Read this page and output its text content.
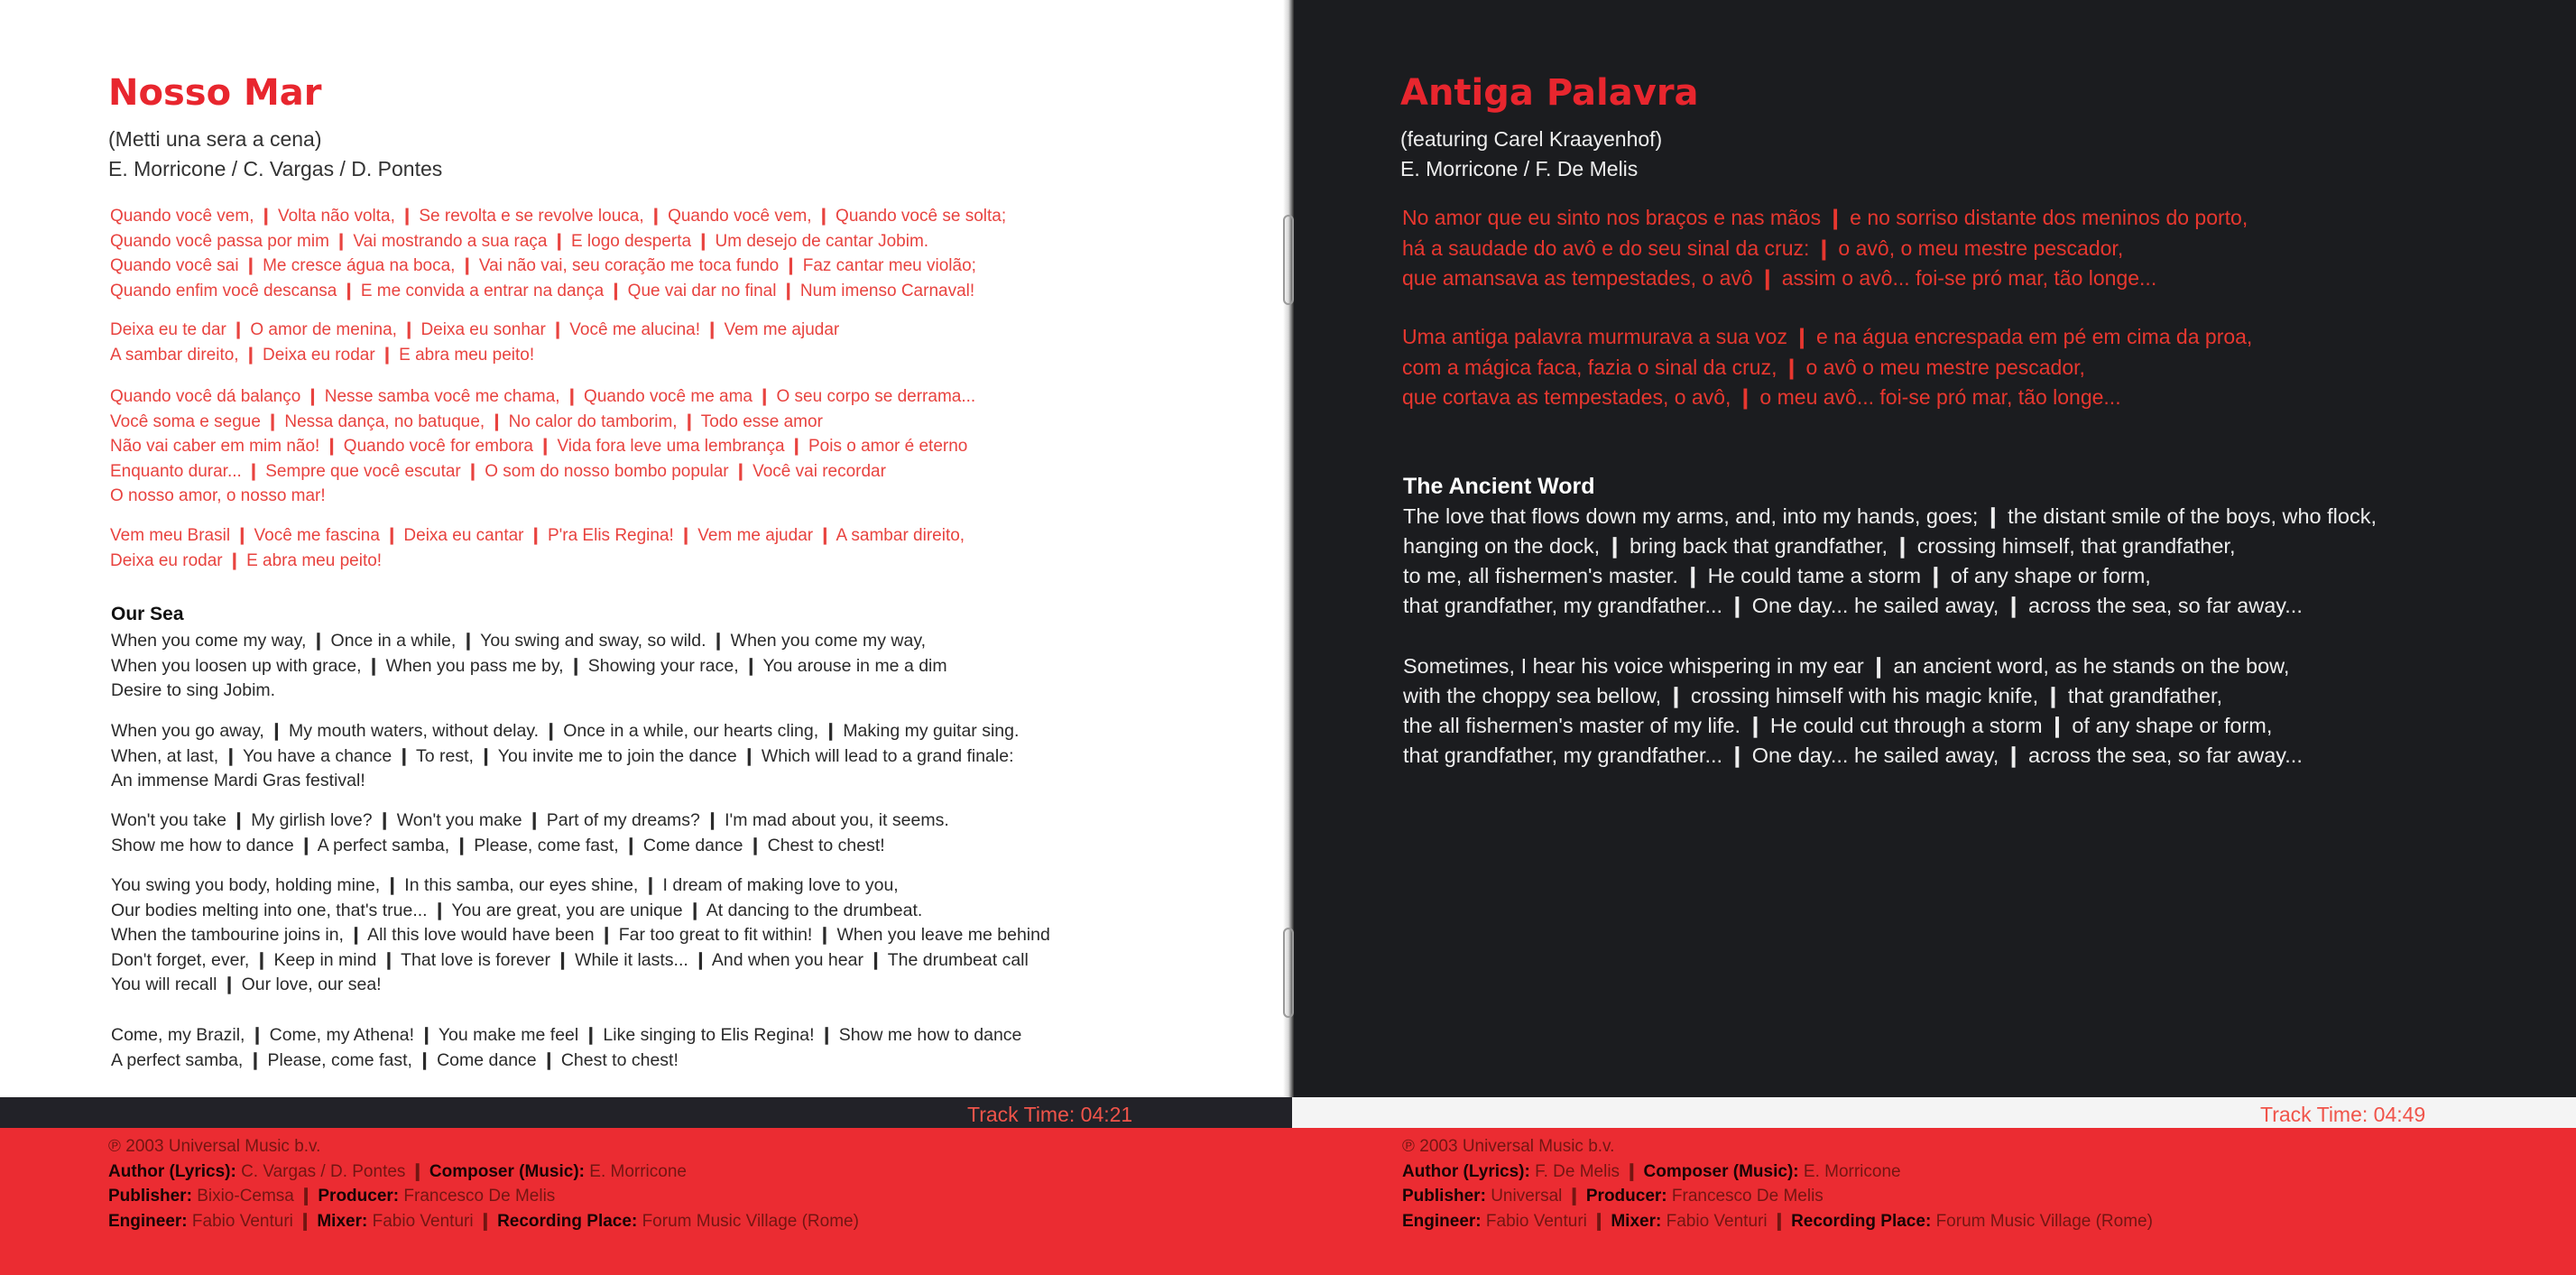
Nosso Mar

(Metti una sera a cena)

E. Morricone / C. Vargas / D. Pontes

Quando você vem, ❙ Volta não volta, ❙ Se revolta e se revolve louca, ❙ Quando você vem, ❙ Quando você se solta;
Quando você passa por mim ❙ Vai mostrando a sua raça ❙ E logo desperta ❙ Um desejo de cantar Jobim.
Quando você sai ❙ Me cresce água na boca, ❙ Vai não vai, seu coração me toca fundo ❙ Faz cantar meu violão;
Quando enfim você descansa ❙ E me convida a entrar na dança ❙ Que vai dar no final ❙ Num imenso Carnaval!
Deixa eu te dar ❙ O amor de menina, ❙ Deixa eu sonhar ❙ Você me alucina! ❙ Vem me ajudar
A sambar direito, ❙ Deixa eu rodar ❙ E abra meu peito!
Quando você dá balanço ❙ Nesse samba você me chama, ❙ Quando você me ama ❙ O seu corpo se derrama...
Você soma e segue ❙ Nessa dança, no batuque, ❙ No calor do tamborim, ❙ Todo esse amor
Não vai caber em mim não! ❙ Quando você for embora ❙ Vida fora leve uma lembrança ❙ Pois o amor é eterno
Enquanto durar... ❙ Sempre que você escutar ❙ O som do nosso bombo popular ❙ Você vai recordar
O nosso amor, o nosso mar!
Vem meu Brasil ❙ Você me fascina ❙ Deixa eu cantar ❙ P'ra Elis Regina! ❙ Vem me ajudar ❙ A sambar direito,
Deixa eu rodar ❙ E abra meu peito!
Our Sea
When you come my way, ❙ Once in a while, ❙ You swing and sway, so wild. ❙ When you come my way,
When you loosen up with grace, ❙ When you pass me by, ❙ Showing your race, ❙ You arouse in me a dim
Desire to sing Jobim.
When you go away, ❙ My mouth waters, without delay. ❙ Once in a while, our hearts cling, ❙ Making my guitar sing.
When, at last, ❙ You have a chance ❙ To rest, ❙ You invite me to join the dance ❙ Which will lead to a grand finale:
An immense Mardi Gras festival!
Won't you take ❙ My girlish love? ❙ Won't you make ❙ Part of my dreams? ❙ I'm mad about you, it seems.
Show me how to dance ❙ A perfect samba, ❙ Please, come fast, ❙ Come dance ❙ Chest to chest!
You swing you body, holding mine, ❙ In this samba, our eyes shine, ❙ I dream of making love to you,
Our bodies melting into one, that's true... ❙ You are great, you are unique ❙ At dancing to the drumbeat.
When the tambourine joins in, ❙ All this love would have been ❙ Far too great to fit within! ❙ When you leave me behind
Don't forget, ever, ❙ Keep in mind ❙ That love is forever ❙ While it lasts... ❙ And when you hear ❙ The drumbeat call
You will recall ❙ Our love, our sea!
Come, my Brazil, ❙ Come, my Athena! ❙ You make me feel ❙ Like singing to Elis Regina! ❙ Show me how to dance
A perfect samba, ❙ Please, come fast, ❙ Come dance ❙ Chest to chest!
Track Time: 04:21
℗ 2003 Universal Music b.v.
Author (Lyrics): C. Vargas / D. Pontes ❙ Composer (Music): E. Morricone
Publisher: Bixio-Cemsa ❙ Producer: Francesco De Melis
Engineer: Fabio Venturi ❙ Mixer: Fabio Venturi ❙ Recording Place: Forum Music Village (Rome)
Antiga Palavra

(featuring Carel Kraayenhof)

E. Morricone / F. De Melis

No amor que eu sinto nos braços e nas mãos ❙ e no sorriso distante dos meninos do porto,
há a saudade do avô e do seu sinal da cruz: ❙ o avô, o meu mestre pescador,
que amansava as tempestades, o avô ❙ assim o avô... foi-se pró mar, tão longe...
Uma antiga palavra murmurava a sua voz ❙ e na água encrespada em pé em cima da proa,
com a mágica faca, fazia o sinal da cruz, ❙ o avô o meu mestre pescador,
que cortava as tempestades, o avô, ❙ o meu avô... foi-se pró mar, tão longe...
The Ancient Word
The love that flows down my arms, and, into my hands, goes; ❙ the distant smile of the boys, who flock,
hanging on the dock, ❙ bring back that grandfather, ❙ crossing himself, that grandfather,
to me, all fishermen's master. ❙ He could tame a storm ❙ of any shape or form,
that grandfather, my grandfather... ❙ One day... he sailed away, ❙ across the sea, so far away...
Sometimes, I hear his voice whispering in my ear ❙ an ancient word, as he stands on the bow,
with the choppy sea bellow, ❙ crossing himself with his magic knife, ❙ that grandfather,
the all fishermen's master of my life. ❙ He could cut through a storm ❙ of any shape or form,
that grandfather, my grandfather... ❙ One day... he sailed away, ❙ across the sea, so far away...
Track Time: 04:49
℗ 2003 Universal Music b.v.
Author (Lyrics): F. De Melis ❙ Composer (Music): E. Morricone
Publisher: Universal ❙ Producer: Francesco De Melis
Engineer: Fabio Venturi ❙ Mixer: Fabio Venturi ❙ Recording Place: Forum Music Village (Rome)
